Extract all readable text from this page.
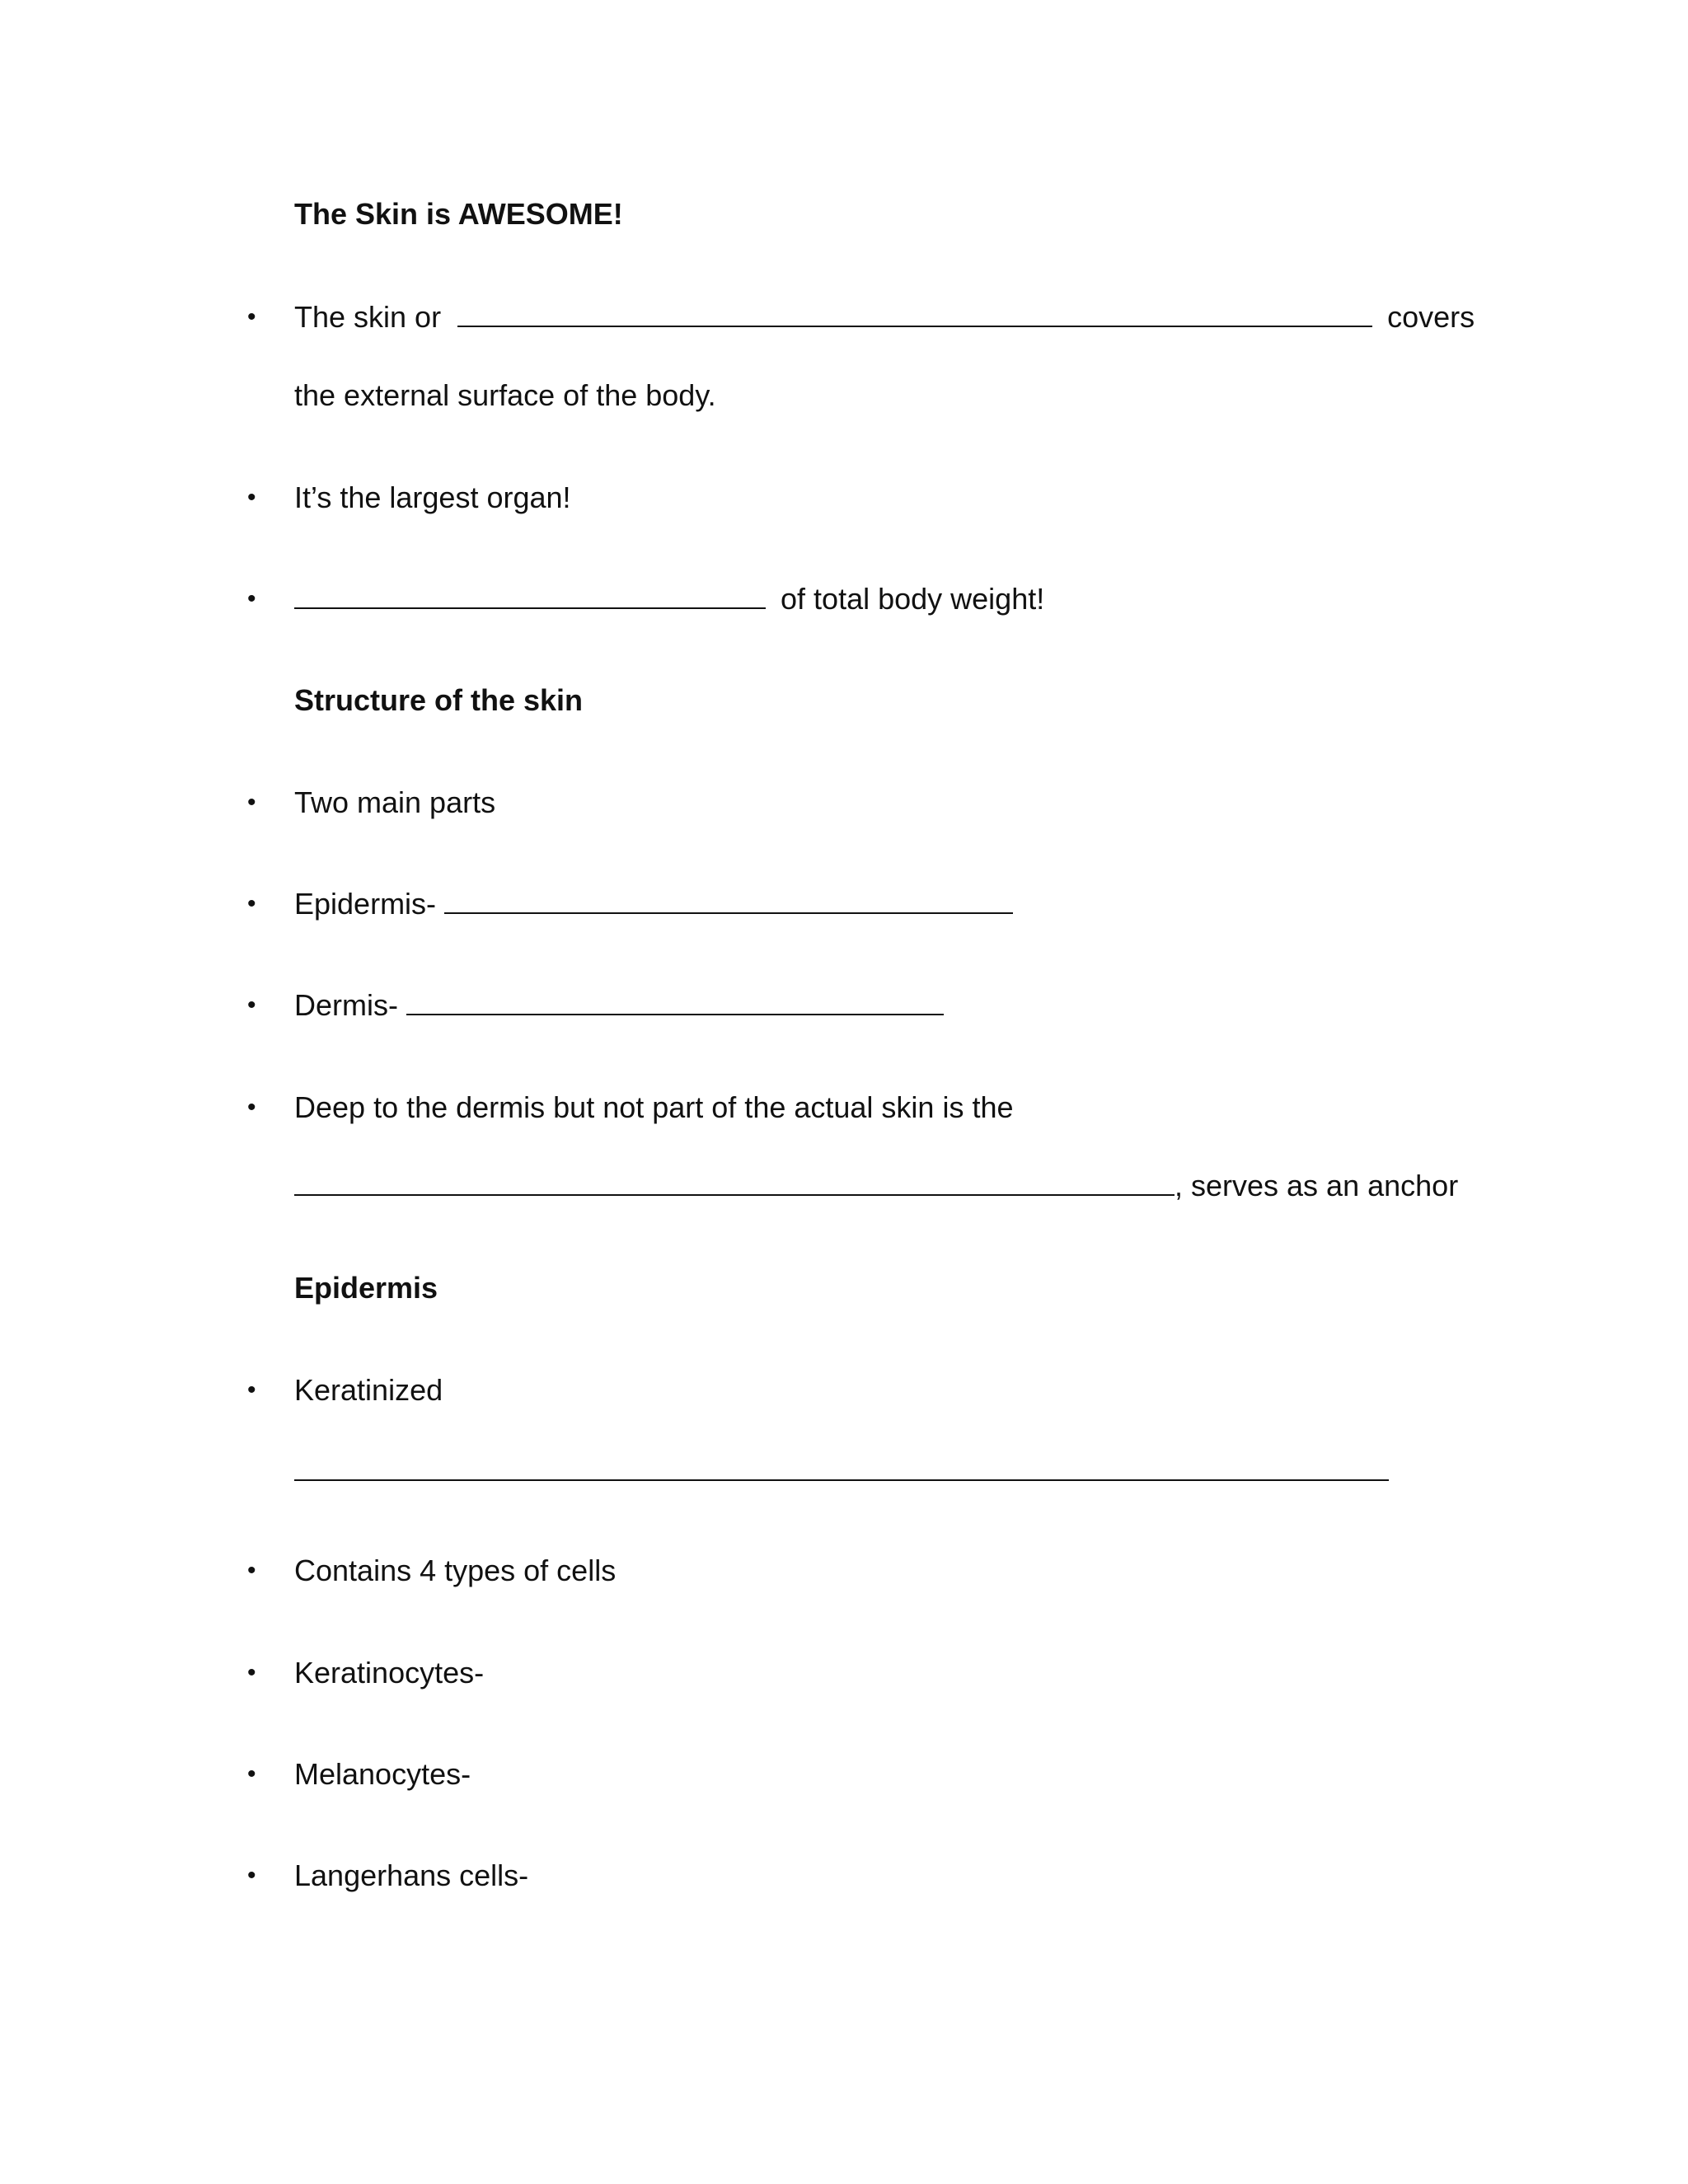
The Skin is AWESOME!
• The skin or	covers
the external surface of the body.
• It’s the largest organ!
•	of total body weight!
Structure of the skin
• Two main parts
• Epidermis-
• Dermis-
• Deep to the dermis but not part of the actual skin is the
, serves as an anchor
Epidermis
• Keratinized
• Contains 4 types of cells
• Keratinocytes-
• Melanocytes-
• Langerhans cells-
